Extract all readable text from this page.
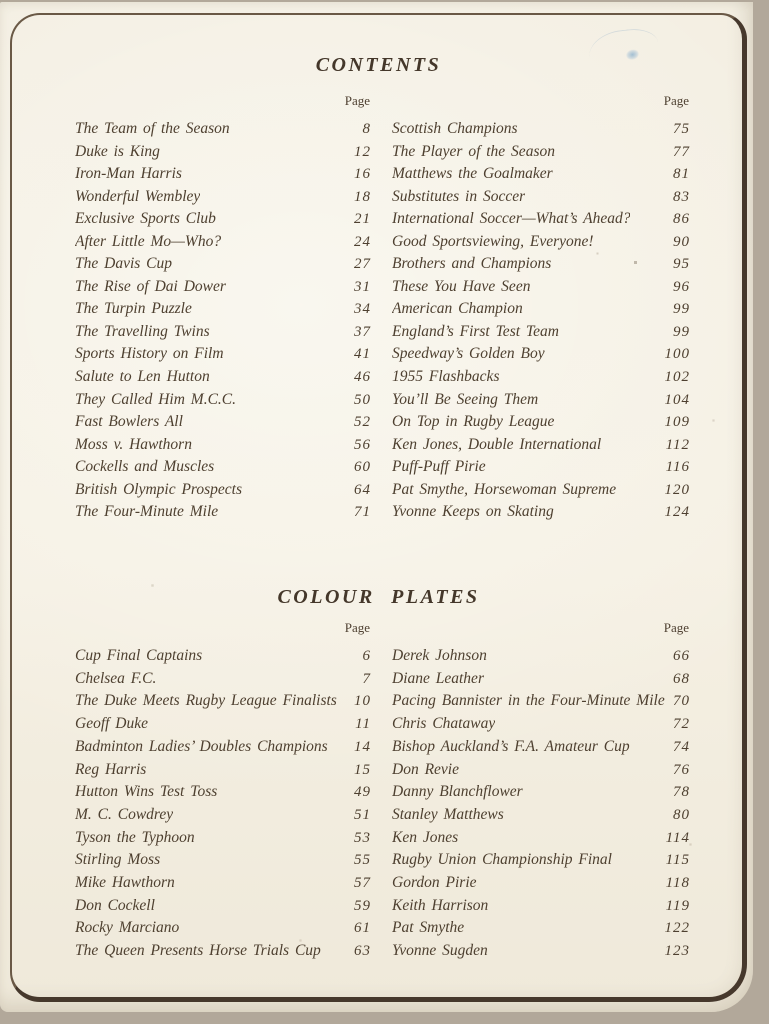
CONTENTS
Page
The Team of the Season	8
Duke is King	12
Iron-Man Harris	16
Wonderful Wembley	18
Exclusive Sports Club	21
After Little Mo—Who?	24
The Davis Cup	27
The Rise of Dai Dower	31
The Turpin Puzzle	34
The Travelling Twins	37
Sports History on Film	41
Salute to Len Hutton	46
They Called Him M.C.C.	50
Fast Bowlers All	52
Moss v. Hawthorn	56
Cockells and Muscles	60
British Olympic Prospects	64
The Four-Minute Mile	71
Page
Scottish Champions	75
The Player of the Season	77
Matthews the Goalmaker	81
Substitutes in Soccer	83
International Soccer—What’s Ahead?	86
Good Sportsviewing, Everyone!	90
Brothers and Champions	95
These You Have Seen	96
American Champion	99
England’s First Test Team	99
Speedway’s Golden Boy	100
1955 Flashbacks	102
You’ll Be Seeing Them	104
On Top in Rugby League	109
Ken Jones, Double International	112
Puff-Puff Pirie	116
Pat Smythe, Horsewoman Supreme	120
Yvonne Keeps on Skating	124
COLOUR PLATES
Page
Cup Final Captains	6
Chelsea F.C.	7
The Duke Meets Rugby League Finalists	10
Geoff Duke	11
Badminton Ladies’ Doubles Champions	14
Reg Harris	15
Hutton Wins Test Toss	49
M. C. Cowdrey	51
Tyson the Typhoon	53
Stirling Moss	55
Mike Hawthorn	57
Don Cockell	59
Rocky Marciano	61
The Queen Presents Horse Trials Cup	63
Page
Derek Johnson	66
Diane Leather	68
Pacing Bannister in the Four-Minute Mile 70
Chris Chataway	72
Bishop Auckland’s F.A. Amateur Cup	74
Don Revie	76
Danny Blanchflower	78
Stanley Matthews	80
Ken Jones	114
Rugby Union Championship Final	115
Gordon Pirie	118
Keith Harrison	119
Pat Smythe	122
Yvonne Sugden	123
